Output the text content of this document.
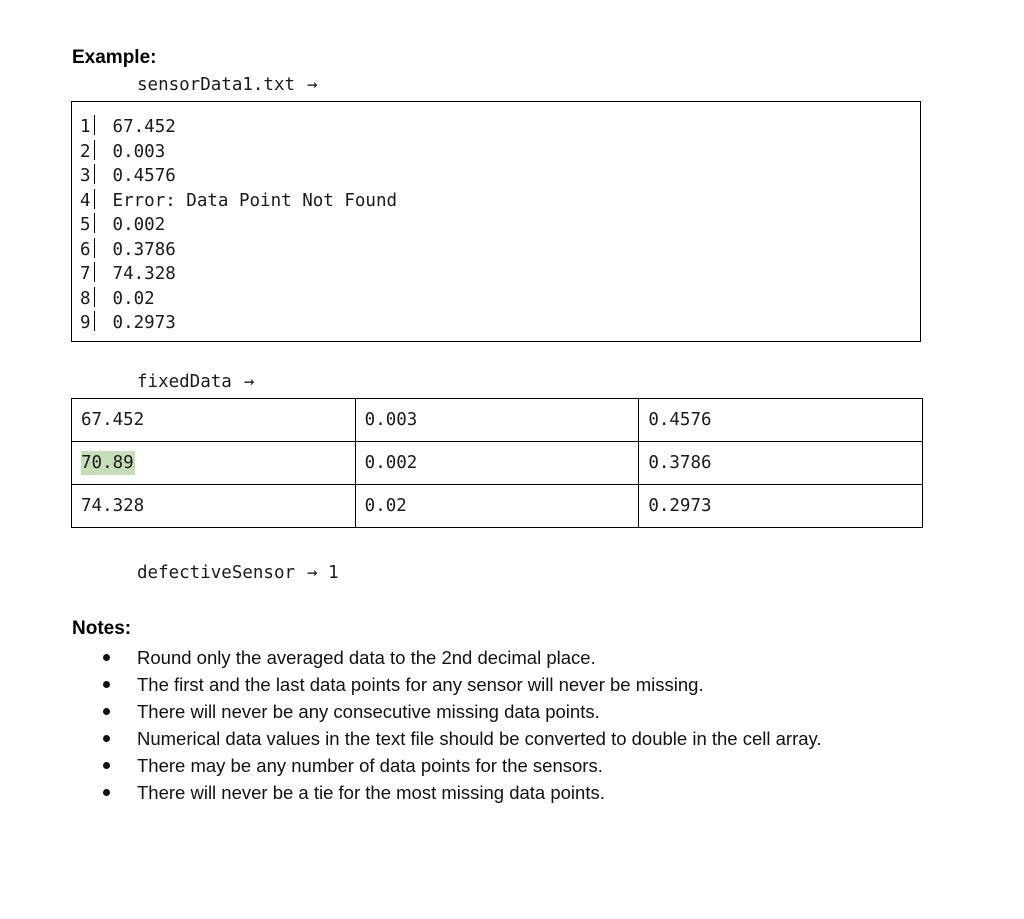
Example:
sensorData1.txt →
1 67.452
2 0.003
3 0.4576
4 Error: Data Point Not Found
5 0.002
6 0.3786
7 74.328
8 0.02
9 0.2973
fixedData →
67.452	0.003	0.4576
70.89	0.002	0.3786
74.328	0.02	0.2973
defectiveSensor → 1
Notes:
Round only the averaged data to the 2nd decimal place.
The first and the last data points for any sensor will never be missing.
There will never be any consecutive missing data points.
Numerical data values in the text file should be converted to double in the cell array.
There may be any number of data points for the sensors.
There will never be a tie for the most missing data points.
